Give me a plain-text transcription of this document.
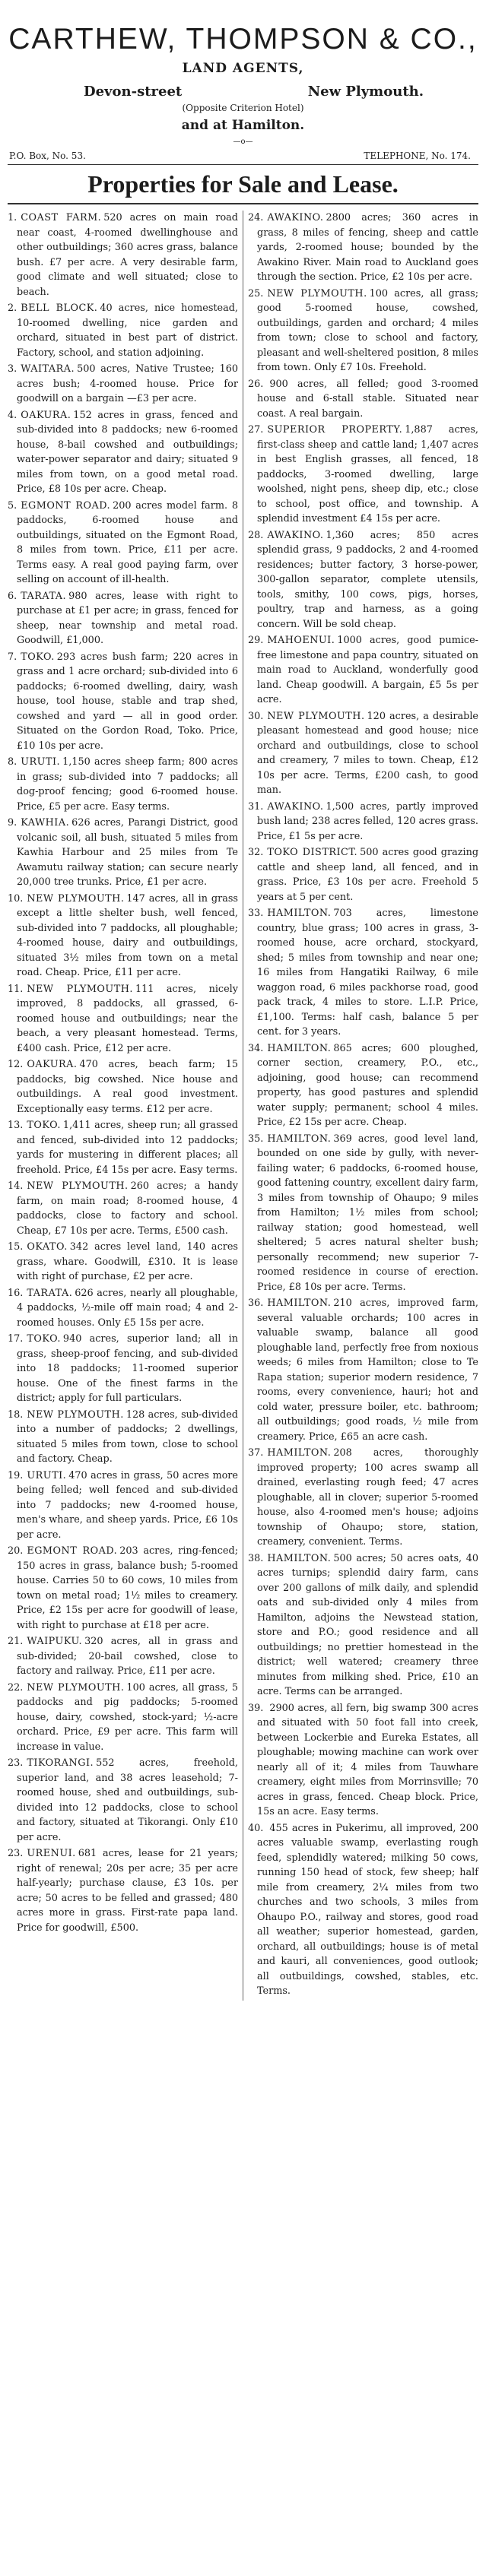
CARTHEW, THOMPSON & CO.,
LAND AGENTS,
Devon-street	New Plymouth.
(Opposite Criterion Hotel)
and at Hamilton.
—o—
P.O. Box, No. 53.	TELEPHONE, No. 174.
Properties for Sale and Lease.

1. COAST FARM. 520 acres on main road near coast, 4-roomed dwellinghouse and other outbuildings; 360 acres grass, balance bush. £7 per acre. A very desirable farm, good climate and well situated; close to beach.

2. BELL BLOCK. 40 acres, nice homestead, 10-roomed dwelling, nice garden and orchard, situated in best part of district. Factory, school, and station adjoining.

3. WAITARA. 500 acres, Native Trustee; 160 acres bush; 4-roomed house. Price for goodwill on a bargain —£3 per acre.

4. OAKURA. 152 acres in grass, fenced and sub-divided into 8 paddocks; new 6-roomed house, 8-bail cowshed and outbuildings; water-power separator and dairy; situated 9 miles from town, on a good metal road. Price, £8 10s per acre. Cheap.

5. EGMONT ROAD. 200 acres model farm. 8 paddocks, 6-roomed house and outbuildings, situated on the Egmont Road, 8 miles from town. Price, £11 per acre. Terms easy. A real good paying farm, over selling on account of ill-health.

6. TARATA. 980 acres, lease with right to purchase at £1 per acre; in grass, fenced for sheep, near township and metal road. Goodwill, £1,000.

7. TOKO. 293 acres bush farm; 220 acres in grass and 1 acre orchard; sub-divided into 6 paddocks; 6-roomed dwelling, dairy, wash house, tool house, stable and trap shed, cowshed and yard — all in good order. Situated on the Gordon Road, Toko. Price, £10 10s per acre.

8. URUTI. 1,150 acres sheep farm; 800 acres in grass; sub-divided into 7 paddocks; all dog-proof fencing; good 6-roomed house. Price, £5 per acre. Easy terms.

9. KAWHIA. 626 acres, Parangi District, good volcanic soil, all bush, situated 5 miles from Kawhia Harbour and 25 miles from Te Awamutu railway station; can secure nearly 20,000 tree trunks. Price, £1 per acre.

10. NEW PLYMOUTH. 147 acres, all in grass except a little shelter bush, well fenced, sub-divided into 7 paddocks, all ploughable; 4-roomed house, dairy and outbuildings, situated 3½ miles from town on a metal road. Cheap. Price, £11 per acre.

11. NEW PLYMOUTH. 111 acres, nicely improved, 8 paddocks, all grassed, 6-roomed house and outbuildings; near the beach, a very pleasant homestead. Terms, £400 cash. Price, £12 per acre.

12. OAKURA. 470 acres, beach farm; 15 paddocks, big cowshed. Nice house and outbuildings. A real good investment. Exceptionally easy terms. £12 per acre.

13. TOKO. 1,411 acres, sheep run; all grassed and fenced, sub-divided into 12 paddocks; yards for mustering in different places; all freehold. Price, £4 15s per acre. Easy terms.

14. NEW PLYMOUTH. 260 acres; a handy farm, on main road; 8-roomed house, 4 paddocks, close to factory and school. Cheap, £7 10s per acre. Terms, £500 cash.

15. OKATO. 342 acres level land, 140 acres grass, whare. Goodwill, £310. It is lease with right of purchase, £2 per acre.

16. TARATA. 626 acres, nearly all ploughable, 4 paddocks, ½-mile off main road; 4 and 2-roomed houses. Only £5 15s per acre.

17. TOKO. 940 acres, superior land; all in grass, sheep-proof fencing, and sub-divided into 18 paddocks; 11-roomed superior house. One of the finest farms in the district; apply for full particulars.

18. NEW PLYMOUTH. 128 acres, sub-divided into a number of paddocks; 2 dwellings, situated 5 miles from town, close to school and factory. Cheap.

19. URUTI. 470 acres in grass, 50 acres more being felled; well fenced and sub-divided into 7 paddocks; new 4-roomed house, men's whare, and sheep yards. Price, £6 10s per acre.

20. EGMONT ROAD. 203 acres, ring-fenced; 150 acres in grass, balance bush; 5-roomed house. Carries 50 to 60 cows, 10 miles from town on metal road; 1½ miles to creamery. Price, £2 15s per acre for goodwill of lease, with right to purchase at £18 per acre.

21. WAIPUKU. 320 acres, all in grass and sub-divided; 20-bail cowshed, close to factory and railway. Price, £11 per acre.

22. NEW PLYMOUTH. 100 acres, all grass, 5 paddocks and pig paddocks; 5-roomed house, dairy, cowshed, stock-yard; ½-acre orchard. Price, £9 per acre. This farm will increase in value.

23. TIKORANGI. 552 acres, freehold, superior land, and 38 acres leasehold; 7-roomed house, shed and outbuildings, sub-divided into 12 paddocks, close to school and factory, situated at Tikorangi. Only £10 per acre.

23. URENUI. 681 acres, lease for 21 years; right of renewal; 20s per acre; 35 per acre half-yearly; purchase clause, £3 10s. per acre; 50 acres to be felled and grassed; 480 acres more in grass. First-rate papa land. Price for goodwill, £500.

24. AWAKINO. 2800 acres; 360 acres in grass, 8 miles of fencing, sheep and cattle yards, 2-roomed house; bounded by the Awakino River. Main road to Auckland goes through the section. Price, £2 10s per acre.

25. NEW PLYMOUTH. 100 acres, all grass; good 5-roomed house, cowshed, outbuildings, garden and orchard; 4 miles from town; close to school and factory, pleasant and well-sheltered position, 8 miles from town. Only £7 10s. Freehold.

26. 900 acres, all felled; good 3-roomed house and 6-stall stable. Situated near coast. A real bargain.

27. SUPERIOR PROPERTY. 1,887 acres, first-class sheep and cattle land; 1,407 acres in best English grasses, all fenced, 18 paddocks, 3-roomed dwelling, large woolshed, night pens, sheep dip, etc.; close to school, post office, and township. A splendid investment £4 15s per acre.

28. AWAKINO. 1,360 acres; 850 acres splendid grass, 9 paddocks, 2 and 4-roomed residences; butter factory, 3 horse-power, 300-gallon separator, complete utensils, tools, smithy, 100 cows, pigs, horses, poultry, trap and harness, as a going concern. Will be sold cheap.

29. MAHOENUI. 1000 acres, good pumice-free limestone and papa country, situated on main road to Auckland, wonderfully good land. Cheap goodwill. A bargain, £5 5s per acre.

30. NEW PLYMOUTH. 120 acres, a desirable pleasant homestead and good house; nice orchard and outbuildings, close to school and creamery, 7 miles to town. Cheap, £12 10s per acre. Terms, £200 cash, to good man.

31. AWAKINO. 1,500 acres, partly improved bush land; 238 acres felled, 120 acres grass. Price, £1 5s per acre.

32. TOKO DISTRICT. 500 acres good grazing cattle and sheep land, all fenced, and in grass. Price, £3 10s per acre. Freehold 5 years at 5 per cent.

33. HAMILTON. 703 acres, limestone country, blue grass; 100 acres in grass, 3-roomed house, acre orchard, stockyard, shed; 5 miles from township and near one; 16 miles from Hangatiki Railway, 6 mile waggon road, 6 miles packhorse road, good pack track, 4 miles to store. L.I.P. Price, £1,100. Terms: half cash, balance 5 per cent. for 3 years.

34. HAMILTON. 865 acres; 600 ploughed, corner section, creamery, P.O., etc., adjoining, good house; can recommend property, has good pastures and splendid water supply; permanent; school 4 miles. Price, £2 15s per acre. Cheap.

35. HAMILTON. 369 acres, good level land, bounded on one side by gully, with never-failing water; 6 paddocks, 6-roomed house, good fattening country, excellent dairy farm, 3 miles from township of Ohaupo; 9 miles from Hamilton; 1½ miles from school; railway station; good homestead, well sheltered; 5 acres natural shelter bush; personally recommend; new superior 7-roomed residence in course of erection. Price, £8 10s per acre. Terms.

36. HAMILTON. 210 acres, improved farm, several valuable orchards; 100 acres in valuable swamp, balance all good ploughable land, perfectly free from noxious weeds; 6 miles from Hamilton; close to Te Rapa station; superior modern residence, 7 rooms, every convenience, hauri; hot and cold water, pressure boiler, etc. bathroom; all outbuildings; good roads, ½ mile from creamery. Price, £65 an acre cash.

37. HAMILTON. 208 acres, thoroughly improved property; 100 acres swamp all drained, everlasting rough feed; 47 acres ploughable, all in clover; superior 5-roomed house, also 4-roomed men's house; adjoins township of Ohaupo; store, station, creamery, convenient. Terms.

38. HAMILTON. 500 acres; 50 acres oats, 40 acres turnips; splendid dairy farm, cans over 200 gallons of milk daily, and splendid oats and sub-divided only 4 miles from Hamilton, adjoins the Newstead station, store and P.O.; good residence and all outbuildings; no prettier homestead in the district; well watered; creamery three minutes from milking shed. Price, £10 an acre. Terms can be arranged.

39. 2900 acres, all fern, big swamp 300 acres and situated with 50 foot fall into creek, between Lockerbie and Eureka Estates, all ploughable; mowing machine can work over nearly all of it; 4 miles from Tauwhare creamery, eight miles from Morrinsville; 70 acres in grass, fenced. Cheap block. Price, 15s an acre. Easy terms.

40. 455 acres in Pukerimu, all improved, 200 acres valuable swamp, everlasting rough feed, splendidly watered; milking 50 cows, running 150 head of stock, few sheep; half mile from creamery, 2¼ miles from two churches and two schools, 3 miles from Ohaupo P.O., railway and stores, good road all weather; superior homestead, garden, orchard, all outbuildings; house is of metal and kauri, all conveniences, good outlook; all outbuildings, cowshed, stables, etc. Terms.
